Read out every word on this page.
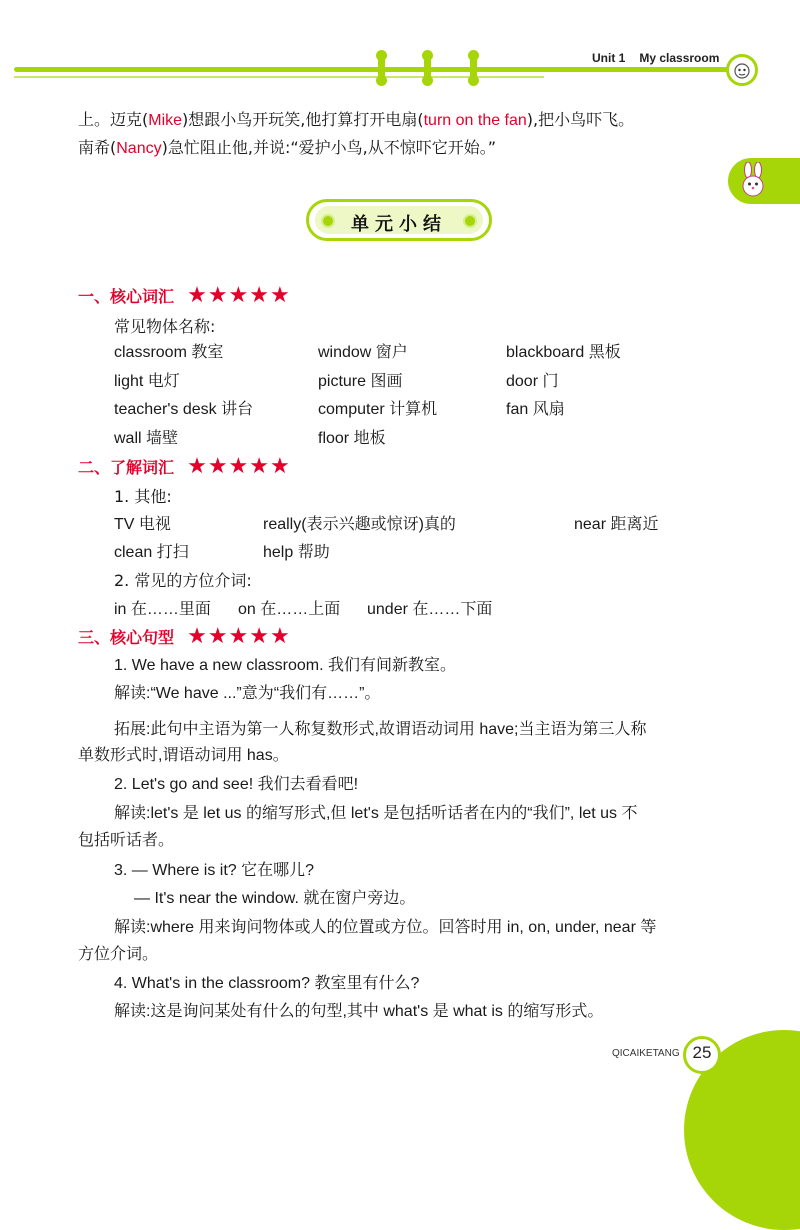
Unit 1 My classroom
上。迈克(Mike)想跟小鸟开玩笑,他打算打开电扇(turn on the fan),把小鸟吓飞。
南希(Nancy)急忙阻止他,并说:“爱护小鸟,从不惊吓它开始。”
单元小结
一、核心词汇 ★★★★★
常见物体名称:
classroom 教室	window 窗户	blackboard 黑板
light 电灯	picture 图画	door 门
teacher's desk 讲台	computer 计算机	fan 风扇
wall 墙壁	floor 地板
二、了解词汇 ★★★★★
1. 其他:
TV 电视	really(表示兴趣或惊讶)真的	near 距离近
clean 打扫	help 帮助
2. 常见的方位介词:
in 在……里面 on 在……上面 under 在……下面
三、核心句型 ★★★★★
1. We have a new classroom. 我们有间新教室。
解读:“We have ...”意为“我们有……”。
拓展:此句中主语为第一人称复数形式,故谓语动词用 have;当主语为第三人称
单数形式时,谓语动词用 has。
2. Let's go and see! 我们去看看吧!
解读:let's 是 let us 的缩写形式,但 let's 是包括听话者在内的“我们”, let us 不
包括听话者。
3. — Where is it? 它在哪儿?
— It's near the window. 就在窗户旁边。
解读:where 用来询问物体或人的位置或方位。回答时用 in, on, under, near 等
方位介词。
4. What's in the classroom? 教室里有什么?
解读:这是询问某处有什么的句型,其中 what's 是 what is 的缩写形式。
QICAIKETANG 25
